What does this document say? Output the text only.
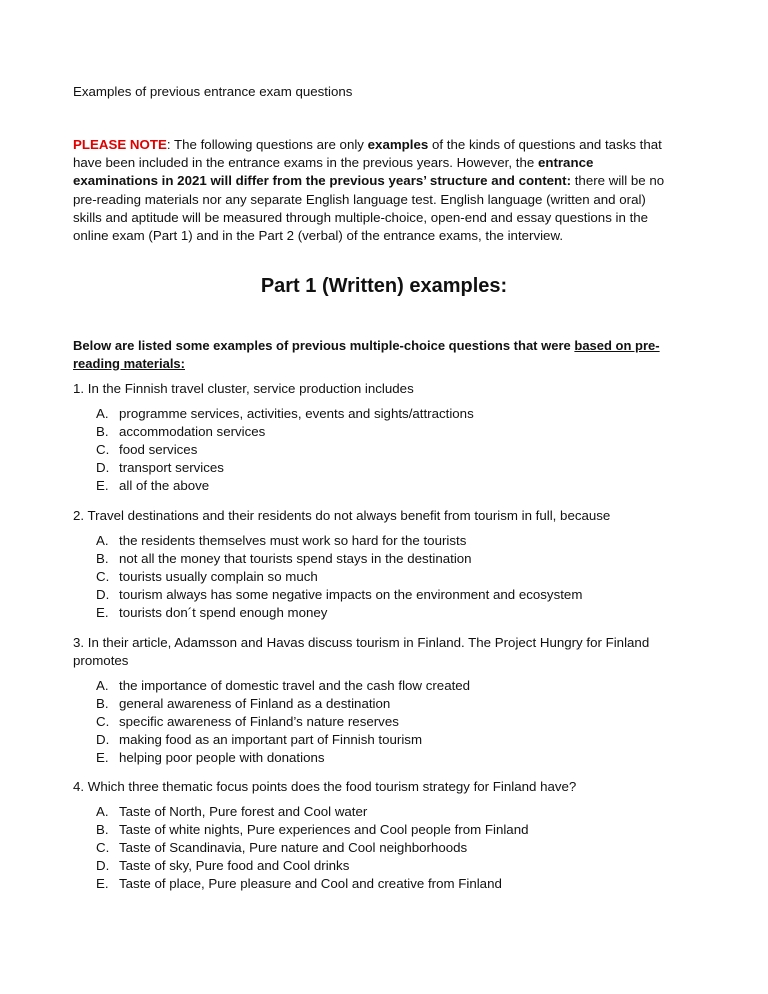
Examples of previous entrance exam questions

PLEASE NOTE: The following questions are only examples of the kinds of questions and tasks that have been included in the entrance exams in the previous years. However, the entrance examinations in 2021 will differ from the previous years’ structure and content: there will be no pre-reading materials nor any separate English language test. English language (written and oral) skills and aptitude will be measured through multiple-choice, open-end and essay questions in the online exam (Part 1) and in the Part 2 (verbal) of the entrance exams, the interview.

Part 1 (Written) examples:

Below are listed some examples of previous multiple-choice questions that were based on pre-reading materials:

1. In the Finnish travel cluster, service production includes
A. programme services, activities, events and sights/attractions
B. accommodation services
C. food services
D. transport services
E. all of the above
2. Travel destinations and their residents do not always benefit from tourism in full, because
A. the residents themselves must work so hard for the tourists
B. not all the money that tourists spend stays in the destination
C. tourists usually complain so much
D. tourism always has some negative impacts on the environment and ecosystem
E. tourists don´t spend enough money
3. In their article, Adamsson and Havas discuss tourism in Finland. The Project Hungry for Finland promotes
A. the importance of domestic travel and the cash flow created
B. general awareness of Finland as a destination
C. specific awareness of Finland’s nature reserves
D. making food as an important part of Finnish tourism
E. helping poor people with donations
4. Which three thematic focus points does the food tourism strategy for Finland have?
A. Taste of North, Pure forest and Cool water
B. Taste of white nights, Pure experiences and Cool people from Finland
C. Taste of Scandinavia, Pure nature and Cool neighborhoods
D. Taste of sky, Pure food and Cool drinks
E. Taste of place, Pure pleasure and Cool and creative from Finland
